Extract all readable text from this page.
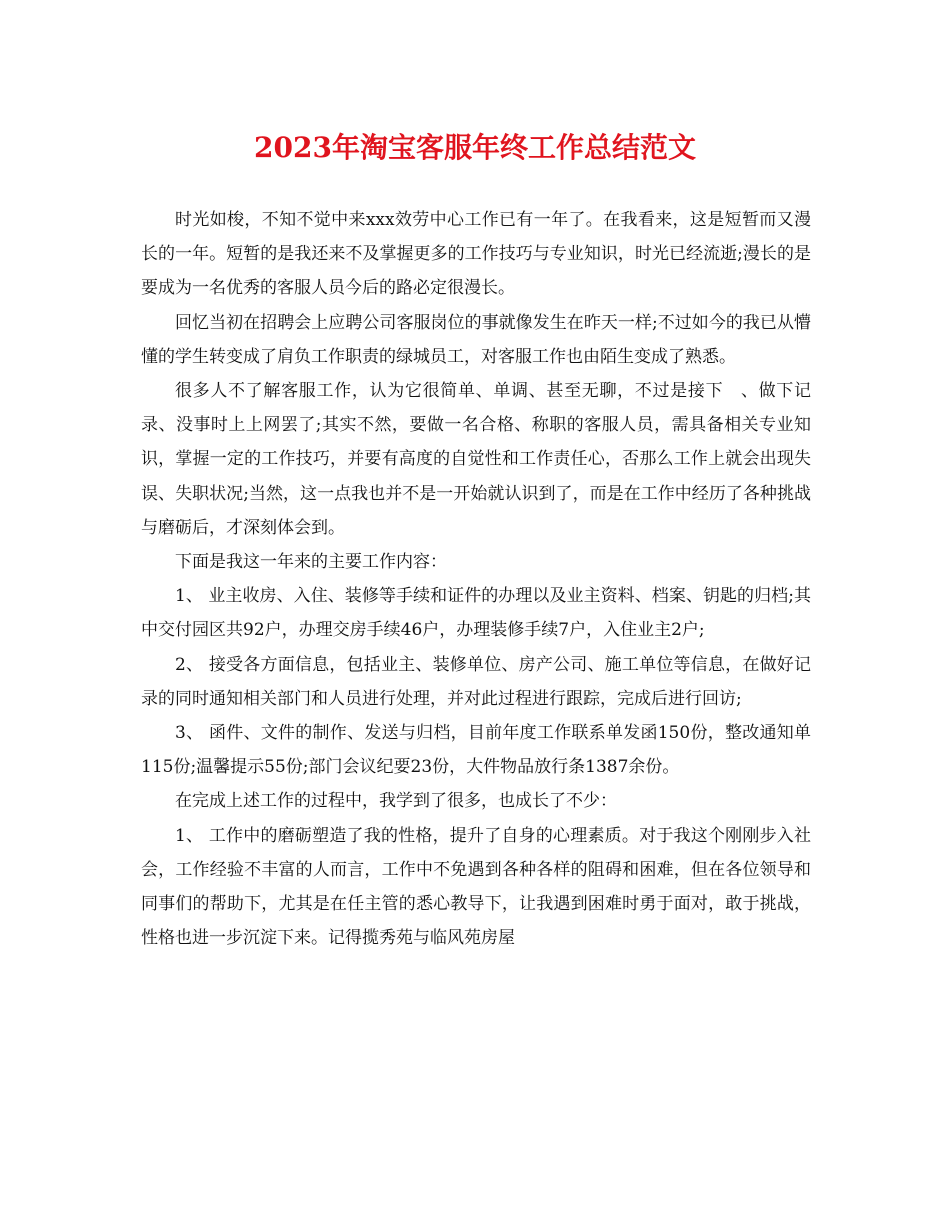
2023年淘宝客服年终工作总结范文

时光如梭，不知不觉中来xxx效劳中心工作已有一年了。在我看来，这是短暂而又漫长的一年。短暂的是我还来不及掌握更多的工作技巧与专业知识，时光已经流逝;漫长的是要成为一名优秀的客服人员今后的路必定很漫长。

回忆当初在招聘会上应聘公司客服岗位的事就像发生在昨天一样;不过如今的我已从懵懂的学生转变成了肩负工作职责的绿城员工，对客服工作也由陌生变成了熟悉。

很多人不了解客服工作，认为它很简单、单调、甚至无聊，不过是接下　、做下记录、没事时上上网罢了;其实不然，要做一名合格、称职的客服人员，需具备相关专业知识，掌握一定的工作技巧，并要有高度的自觉性和工作责任心，否那么工作上就会出现失误、失职状况;当然，这一点我也并不是一开始就认识到了，而是在工作中经历了各种挑战与磨砺后，才深刻体会到。

下面是我这一年来的主要工作内容：

1、 业主收房、入住、装修等手续和证件的办理以及业主资料、档案、钥匙的归档;其中交付园区共92户，办理交房手续46户，办理装修手续7户，入住业主2户;

2、 接受各方面信息，包括业主、装修单位、房产公司、施工单位等信息，在做好记录的同时通知相关部门和人员进行处理，并对此过程进行跟踪，完成后进行回访;

3、 函件、文件的制作、发送与归档，目前年度工作联系单发函150份，整改通知单115份;温馨提示55份;部门会议纪要23份，大件物品放行条1387余份。

在完成上述工作的过程中，我学到了很多，也成长了不少：

1、 工作中的磨砺塑造了我的性格，提升了自身的心理素质。对于我这个刚刚步入社会，工作经验不丰富的人而言，工作中不免遇到各种各样的阻碍和困难，但在各位领导和同事们的帮助下，尤其是在任主管的悉心教导下，让我遇到困难时勇于面对，敢于挑战，性格也进一步沉淀下来。记得揽秀苑与临风苑房屋
